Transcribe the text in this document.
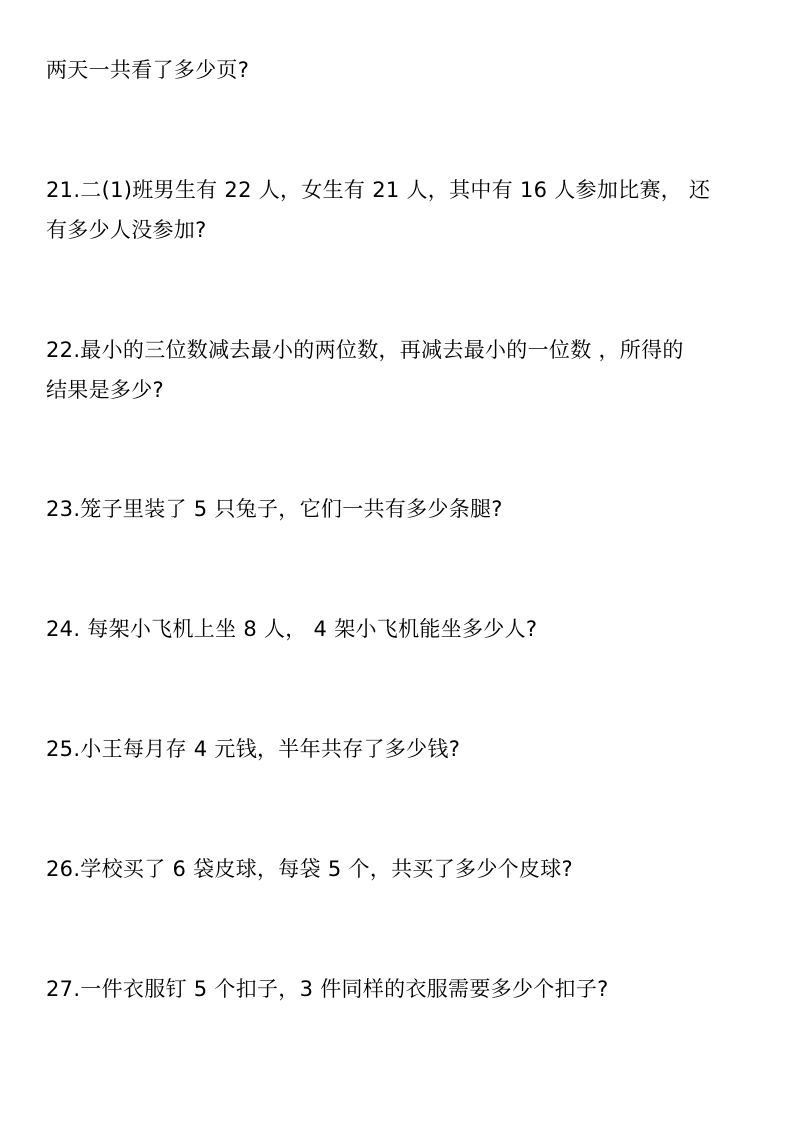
两天一共看了多少页?

21.二(1)班男生有 22 人，女生有 21 人，其中有 16 人参加比赛， 还

有多少人没参加?

22.最小的三位数减去最小的两位数，再减去最小的一位数 ，所得的

结果是多少?

23.笼子里装了 5 只兔子，它们一共有多少条腿?

24. 每架小飞机上坐 8 人， 4 架小飞机能坐多少人?

25.小王每月存 4 元钱，半年共存了多少钱?

26.学校买了 6 袋皮球，每袋 5 个，共买了多少个皮球?

27.一件衣服钉 5 个扣子，3 件同样的衣服需要多少个扣子?
